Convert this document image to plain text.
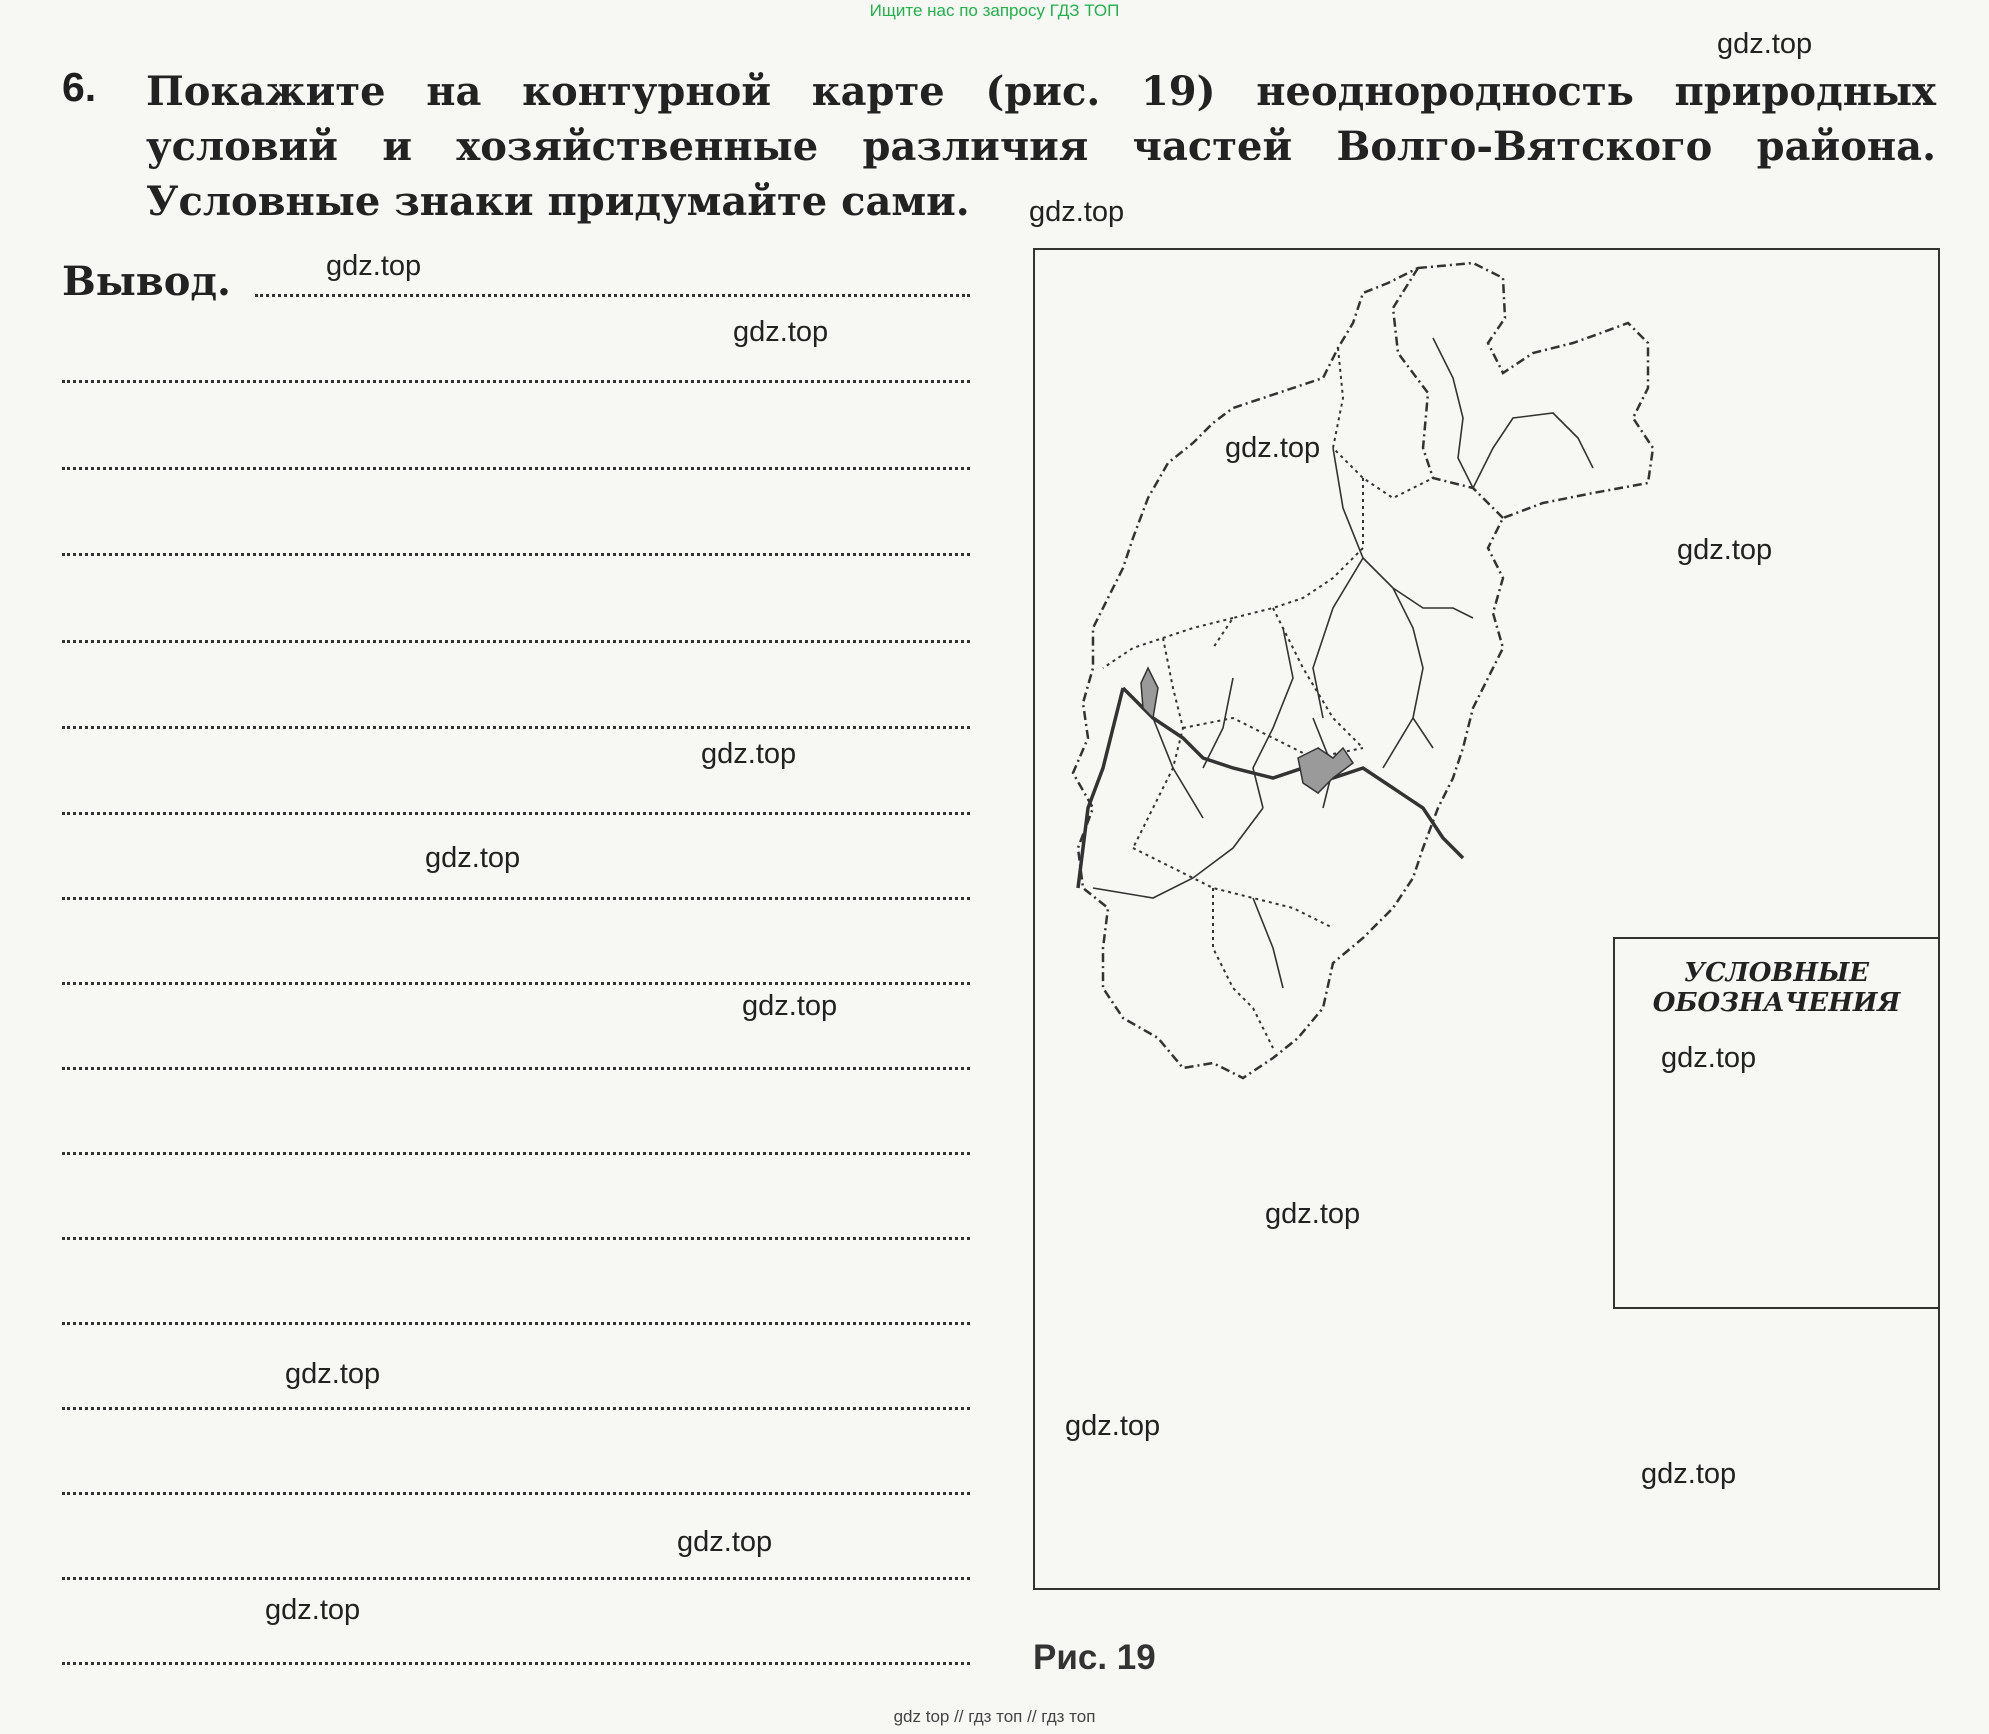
Ищите нас по запросу ГДЗ ТОП
6. Покажите на контурной карте (рис. 19) неоднородность природных условий и хозяйственные различия частей Волго-Вятского района. Условные знаки придумайте сами.
Вывод.
УСЛОВНЫЕ
ОБОЗНАЧЕНИЯ
Рис. 19
gdz.top
gdz.top
gdz.top
gdz.top
gdz.top
gdz.top
gdz.top
gdz.top
gdz.top
gdz.top
gdz.top
gdz.top
gdz.top
gdz.top
gdz.top
gdz.top
gdz top // гдз топ // гдз топ
